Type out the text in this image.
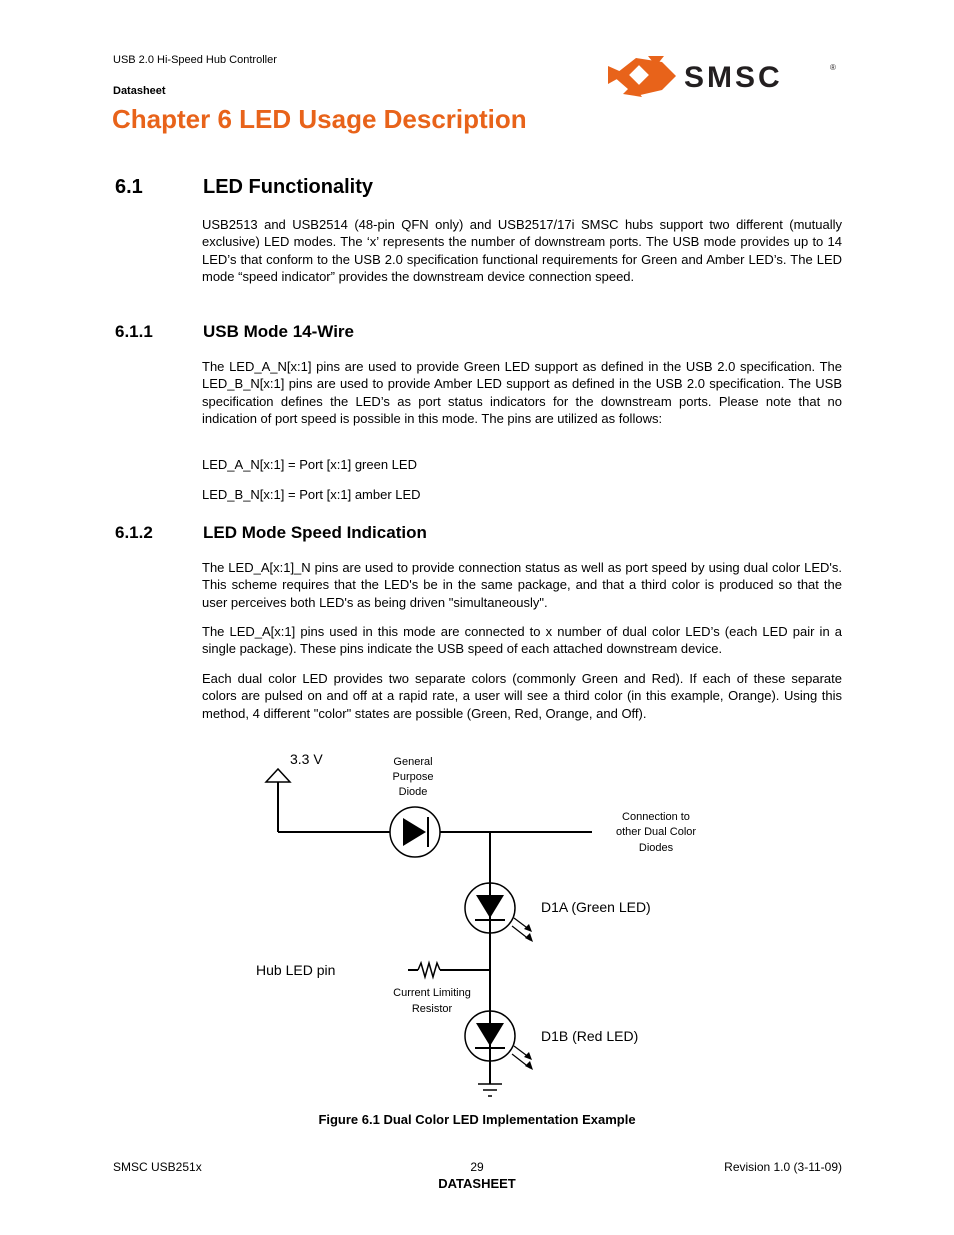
USB 2.0 Hi-Speed Hub Controller
Datasheet	SMSC	®
Chapter 6 LED Usage Description
6.1	LED Functionality
USB2513 and USB2514 (48-pin QFN only) and USB2517/17i SMSC hubs support two different (mutually exclusive) LED modes. The ‘x’ represents the number of downstream ports. The USB mode provides up to 14 LED’s that conform to the USB 2.0 specification functional requirements for Green and Amber LED’s. The LED mode “speed indicator” provides the downstream device connection speed.
6.1.1	USB Mode 14-Wire
The LED_A_N[x:1] pins are used to provide Green LED support as defined in the USB 2.0 specification. The LED_B_N[x:1] pins are used to provide Amber LED support as defined in the USB 2.0 specification. The USB specification defines the LED’s as port status indicators for the downstream ports. Please note that no indication of port speed is possible in this mode. The pins are utilized as follows:
LED_A_N[x:1] = Port [x:1] green LED
LED_B_N[x:1] = Port [x:1] amber LED
6.1.2	LED Mode Speed Indication
The LED_A[x:1]_N pins are used to provide connection status as well as port speed by using dual color LED's. This scheme requires that the LED's be in the same package, and that a third color is produced so that the user perceives both LED's as being driven "simultaneously".
The LED_A[x:1] pins used in this mode are connected to x number of dual color LED’s (each LED pair in a single package). These pins indicate the USB speed of each attached downstream device.
Each dual color LED provides two separate colors (commonly Green and Red). If each of these separate colors are pulsed on and off at a rapid rate, a user will see a third color (in this example, Orange). Using this method, 4 different "color" states are possible (Green, Red, Orange, and Off).
3.3 V	General
Purpose
Diode
Connection to
other Dual Color
Diodes
D1A (Green LED)
Hub LED pin
Current Limiting
Resistor
D1B (Red LED)
Figure 6.1 Dual Color LED Implementation Example
SMSC USB251x	29	Revision 1.0 (3-11-09)
DATASHEET
